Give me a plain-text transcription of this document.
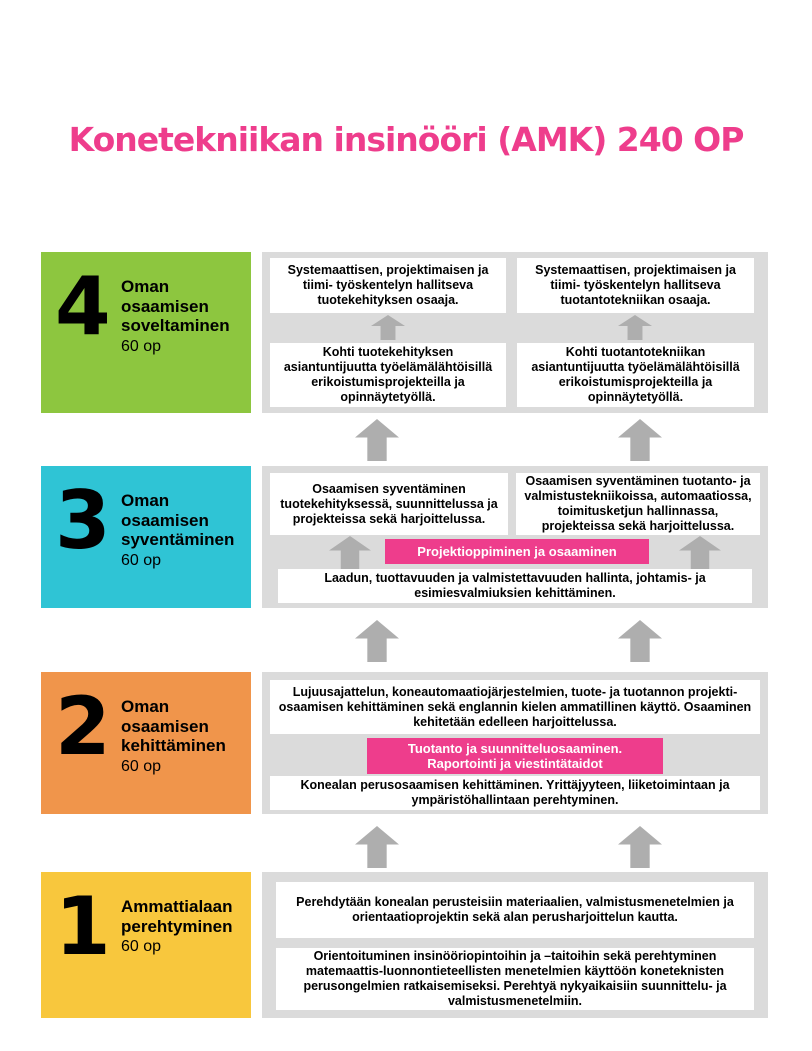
Konetekniikan insinööri (AMK) 240 OP
4 Oman osaamisen soveltaminen
60 op
Systemaattisen, projektimaisen ja tiimi- työskentelyn hallitseva tuotekehityksen osaaja.
Systemaattisen, projektimaisen ja tiimi- työskentelyn hallitseva tuotantotekniikan osaaja.
Kohti tuotekehityksen asiantuntijuutta työelämälähtöisillä erikoistumisprojekteilla ja opinnäytetyöllä.
Kohti tuotantotekniikan asiantuntijuutta työelämälähtöisillä erikoistumisprojekteilla ja opinnäytetyöllä.
3 Oman osaamisen syventäminen
60 op
Osaamisen syventäminen tuotekehityksessä, suunnittelussa ja projekteissa sekä harjoittelussa.
Osaamisen syventäminen tuotanto- ja valmistustekniikoissa, automaatiossa, toimitusketjun hallinnassa, projekteissa sekä harjoittelussa.
Projektioppiminen ja osaaminen
Laadun, tuottavuuden ja valmistettavuuden hallinta, johtamis- ja esimiesvalmiuksien kehittäminen.
2 Oman osaamisen kehittäminen
60 op
Lujuusajattelun, koneautomaatiojärjestelmien, tuote- ja tuotannon projekti-osaamisen kehittäminen sekä englannin kielen ammatillinen käyttö. Osaaminen kehitetään edelleen harjoittelussa.
Tuotanto ja suunnitteluosaaminen. Raportointi ja viestintätaidot
Konealan perusosaamisen kehittäminen. Yrittäjyyteen, liiketoimintaan ja ympäristöhallintaan perehtyminen.
1 Ammattialaan perehtyminen
60 op
Perehdytään konealan perusteisiin materiaalien, valmistusmenetelmien ja orientaatioprojektin sekä alan perusharjoittelun kautta.
Orientoituminen insinööriopintoihin ja –taitoihin sekä perehtyminen matemaattis-luonnontieteellisten menetelmien käyttöön koneteknisten perusongelmien ratkaisemiseksi. Perehtyä nykyaikaisiin suunnittelu- ja valmistusmenetelmiin.
